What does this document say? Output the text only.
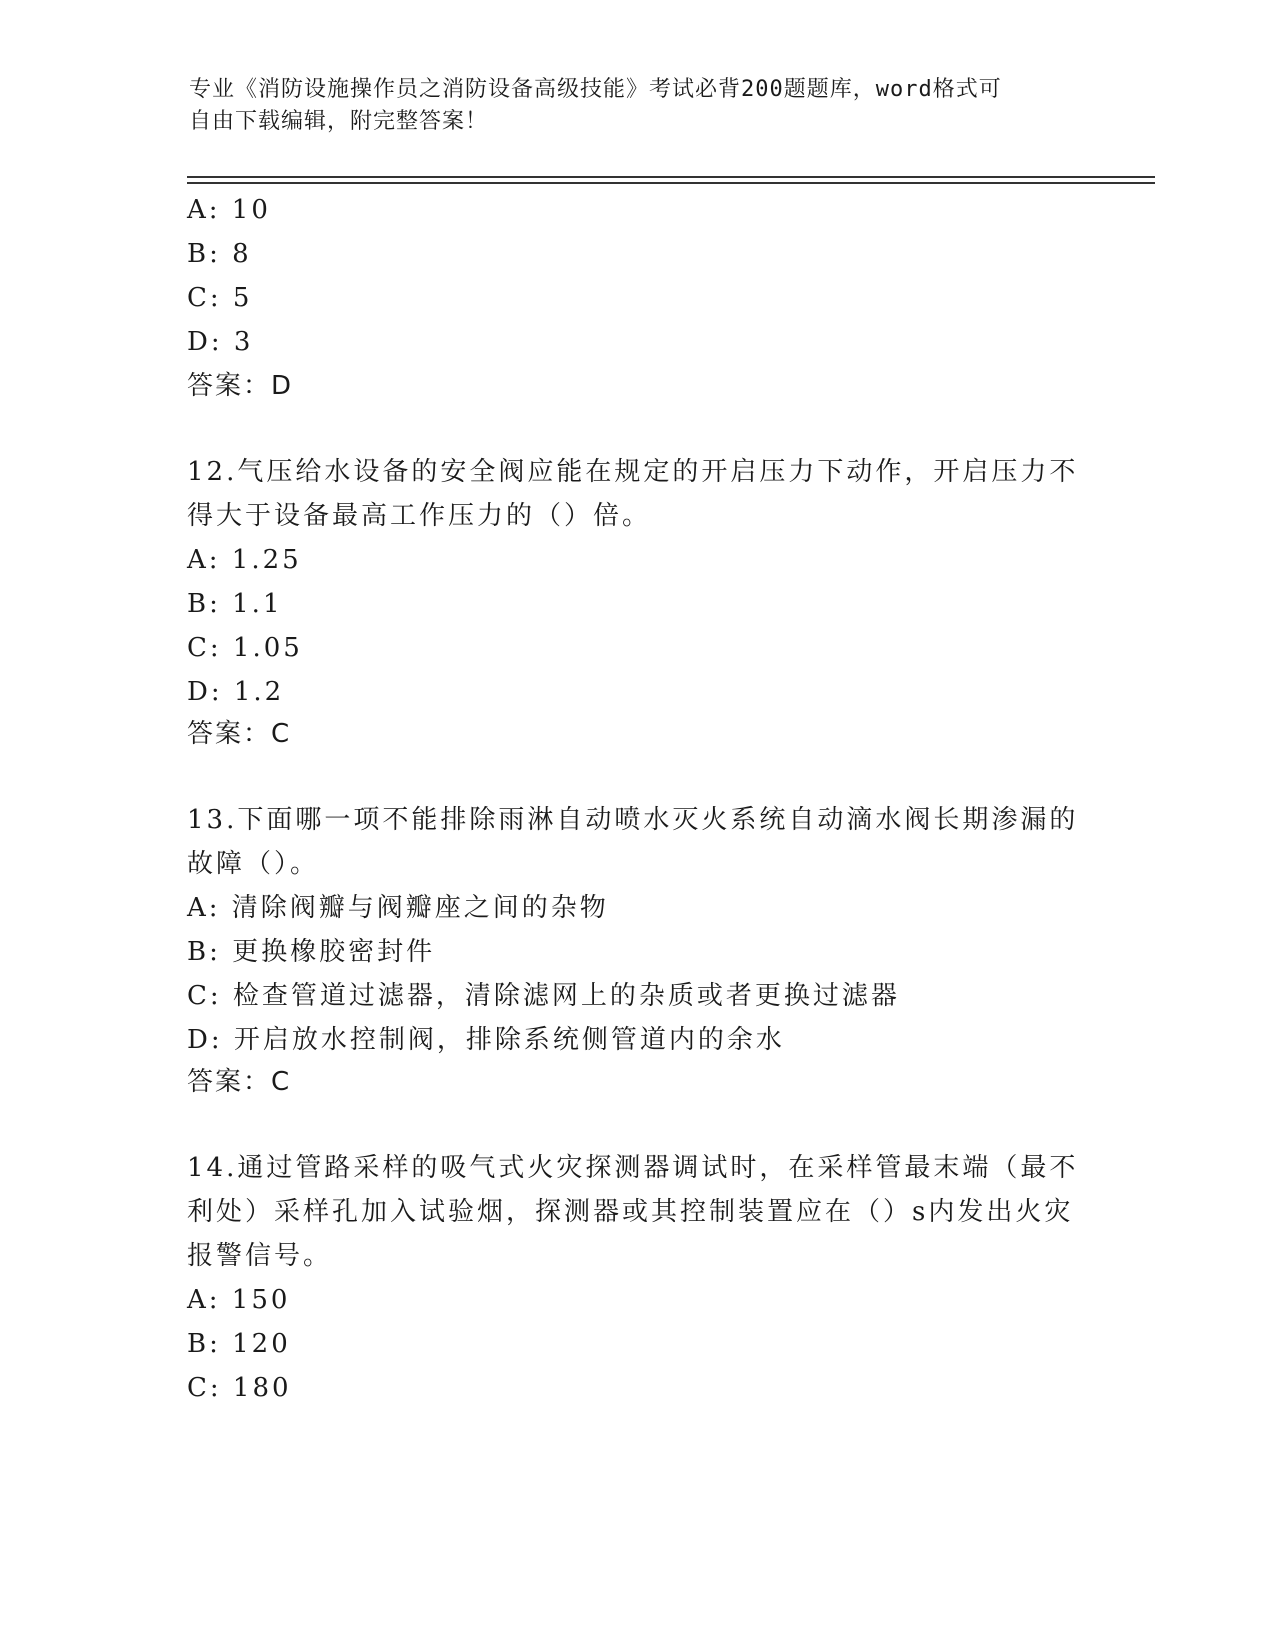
专业《消防设施操作员之消防设备高级技能》考试必背200题题库，word格式可
自由下载编辑，附完整答案！
A: 10
B: 8
C: 5
D: 3
答案：D
12.气压给水设备的安全阀应能在规定的开启压力下动作，开启压力不
得大于设备最高工作压力的（）倍。
A: 1.25
B: 1.1
C: 1.05
D: 1.2
答案：C
13.下面哪一项不能排除雨淋自动喷水灭火系统自动滴水阀长期渗漏的
故障（）。
A: 清除阀瓣与阀瓣座之间的杂物
B: 更换橡胶密封件
C: 检查管道过滤器，清除滤网上的杂质或者更换过滤器
D: 开启放水控制阀，排除系统侧管道内的余水
答案：C
14.通过管路采样的吸气式火灾探测器调试时，在采样管最末端（最不
利处）采样孔加入试验烟，探测器或其控制装置应在（）s内发出火灾
报警信号。
A: 150
B: 120
C: 180
